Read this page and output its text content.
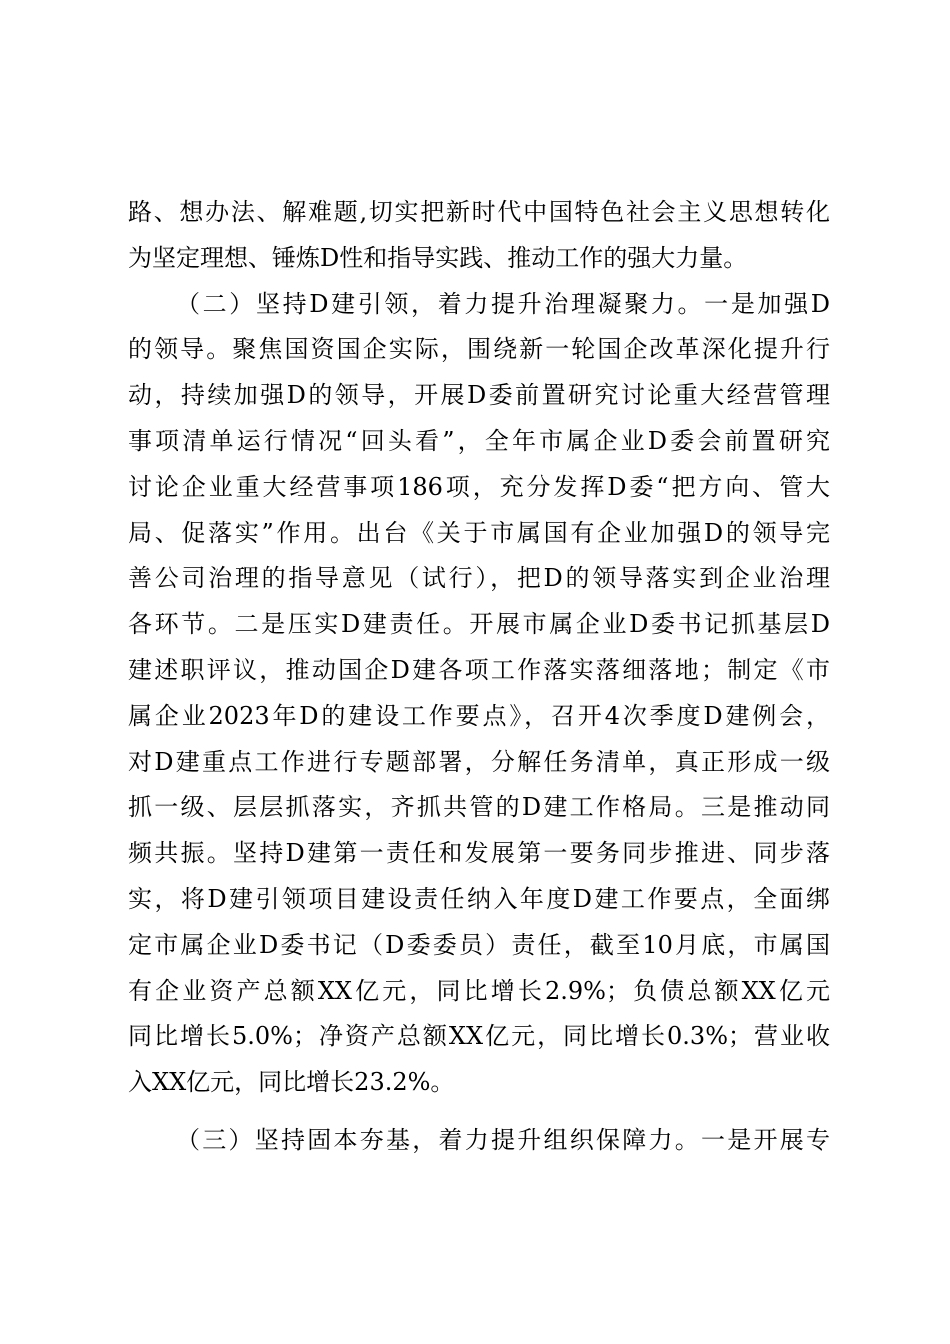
路、想办法、解难题,切实把新时代中国特色社会主义思想转化
为坚定理想、锤炼D性和指导实践、推动工作的强大力量。
（二）坚持D建引领，着力提升治理凝聚力。一是加强D
的领导。聚焦国资国企实际，围绕新一轮国企改革深化提升行
动，持续加强D的领导，开展D委前置研究讨论重大经营管理
事项清单运行情况“回头看”，全年市属企业D委会前置研究
讨论企业重大经营事项186项，充分发挥D委“把方向、管大
局、促落实”作用。出台《关于市属国有企业加强D的领导完
善公司治理的指导意见（试行），把D的领导落实到企业治理
各环节。二是压实D建责任。开展市属企业D委书记抓基层D
建述职评议，推动国企D建各项工作落实落细落地；制定《市
属企业2023年D的建设工作要点》，召开4次季度D建例会，
对D建重点工作进行专题部署，分解任务清单，真正形成一级
抓一级、层层抓落实，齐抓共管的D建工作格局。三是推动同
频共振。坚持D建第一责任和发展第一要务同步推进、同步落
实，将D建引领项目建设责任纳入年度D建工作要点，全面绑
定市属企业D委书记（D委委员）责任，截至10月底，市属国
有企业资产总额XX亿元，同比增长2.9%；负债总额XX亿元
同比增长5.0%；净资产总额XX亿元，同比增长0.3%；营业收
入XX亿元，同比增长23.2%。
（三）坚持固本夯基，着力提升组织保障力。一是开展专
